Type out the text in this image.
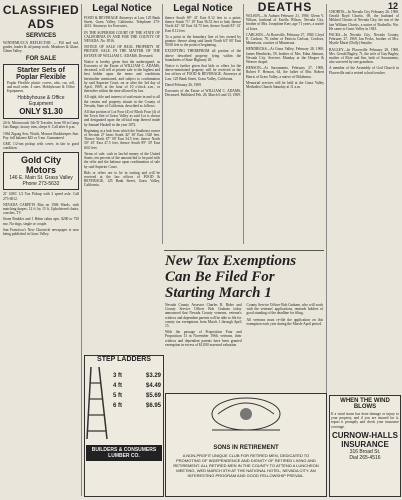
12
CLASSIFIED ADS
SERVICES
WINNEMUCCA REFLECTOR — Fill and sod, grader, loader & oil pump work. Meadows & Glaze, Glenn Valley.
FOR SALE
Starter Sets of Poplar Flexible
Poplar Flexible plastic covers, tabs, cut, roll, and mail order. 4 sizes. Hobbyhouse & Office Equipment.
Hobbyhouse & Office Equipment
ONLY $1.30
24-ft. Motorcoach 5th-TI Traveler, from 90 in Camp Gas Range, luxury trim, sleeps 6. Call after 6 p.m.
1964 Zigzag Sew, Watch, Monroe Bookkeeper. Sun. Pay. full balance $25 or 5 mo. Guaranteed.
GMC 1/2-ton pickup with cover, in fair to good condition.
Gold City Motors
146 E. Main St. Grass Valley Phone 273-5632
21' GMC 1/2 Ton Pickup with 2 speed axle. Call 273-6012.
NEVADA CARPETS Rita on 1906 Wards, with matching drapes, 12 ft. by 15 ft. Upholstered chairs, couches, TV.
Stone Boulder and 1 Bdrm cabin apts. $200 to 750 mo. No dogs, single or couple.
San Francisco's New Chronicle newspaper is now being published in Grass Valley.
Legal Notice
FOOD & BEVERAGE Attorneys at Law. 125 Bank Street, Grass Valley, California. Telephone 273-4413. Attorneys for Executrix.
IN THE SUPERIOR COURT OF THE STATE OF CALIFORNIA IN AND FOR THE COUNTY OF NEVADA. No. 8516.
NOTICE OF SALE OF REAL PROPERTY AT PRIVATE SALE. IN THE MATTER OF THE ESTATE OF WILLIAM C. ADAMS, Deceased.
Notice is hereby given that the undersigned, as Executrix of the Estate of WILLIAM C. ADAMS, deceased, will sell at private sale to the highest and best bidder upon the terms and conditions hereinafter mentioned, and subject to confirmation by said Superior Court, on or after the 3rd day of April, 1969, at the hour of 10 o'clock a.m., or thereafter within the time allowed by law.
All right, title and interest of said estate in and to all the certain real property situate in the County of Nevada, State of California, described as follows:
All that portion of Lot Four (4) of Block Four (4) of the Town Site of Grass Valley as said Lot is shown and designated upon the official map thereof made by Samuel Haskell in the year 1872.
Beginning at a hub from which the Southeast corner of Section 27 bears South 42° 30' East 1320 feet. Thence North 67° 00' East 54.5 feet; thence North 50° 45' East 47.5 feet; thence South 89° 30' East 60.0 feet.
Terms of sale: cash in lawful money of the United States, ten percent of the amount bid to be paid with the offer and the balance upon confirmation of sale by said Superior Court.
Bids or offers are to be in writing and will be received at the law offices of FOOD & BEVERAGE, 125 Bank Street, Grass Valley, California.
Legal Notice
thence South 69° 41' East 8.12 feet to a point; thence South 71° 10' East 56.52 feet to hub; thence North 42° 36' East 54.73 feet; thence South 83° 41' East 8.12 feet.
To a point in the boundary line of lots owned by grantor; thence along said lands North 63° 00' East 50.00 feet to the point of beginning.
EXCEPTING THEREFROM all portion of the above described property lying within the boundaries of State Highway 20.
Notice is further given that bids or offers for the above-mentioned property will be received at the law offices of FOOD & BEVERAGE, Attorneys at Law, 125 Bank Street, Grass Valley, California.
Dated February 26, 1969.
Executrix of the Estate of WILLIAM C. ADAMS, Deceased. Published Feb. 26, March 6 and 13, 1969.
DEATHS
WILSON—At Auburn February 21, 1969, Glenn V. Wilson, husband of Estella Wilson, Nevada City, brother of Mrs. Josephine Kerr, age 71 years, a native of Iowa.
CARLSON—At Roseville, February 27, 1969, Lloyd E. Carlson, 78, father of Patricia Carlson, Cordova, Minnesota, a native of Minnesota.
HENDRICKS—At Grass Valley, February 28, 1969, James Hendricks, 59, brother of Mrs. Edna Johnson, Nevada City. Services Monday at the Hooper & Weaver chapel.
HENSON—At Sacramento, February 27, 1969, Robert F. Henson, 64, the father of Mrs. Robert Harris of Grass Valley, a native of Oklahoma.
Memorial services will be held at the Grass Valley Methodist Church Saturday at 11 a.m.
New Tax Exemptions Can Be Filed For Starting March 1
Nevada County Assessor Charles R. Rider and County Service Officer Bob Graham today announced that Nevada County veterans, veteran's widows and dependent parents will be able to file for county tax exemptions from March 1 through April 15.
With the passage of Proposition Four and Proposition 13 in November 1966, veterans, their widows and dependent parents have been granted exemption in excess of $1,000 assessed valuation.
County Service Officer Bob Graham, who will work with the veterans' applications, reminds holders of good standing of the deadline for filing.
All veterans must re-file the application on this exemption each year during the March-April period.
STEP LADDERS
3 ft	$3.29
4 ft	$4.49
5 ft	$5.69
6 ft	$6.95
BUILDERS & CONSUMERS LUMBER CO.
SONS IN RETIREMENT
A NON-PROFIT UNIQUE CLUB FOR RETIRED MEN, DEDICATED TO PROMOTING OF INDEPENDENCE AND DIGNITY OF RETIRED LIVING AND RETIREMENT. ALL RETIRED MEN IN THE COUNTY TO ATTEND A LUNCHEON MEETING, WED MARCH 5TH AT THE NATIONAL HOTEL, NEVADA CITY. AN INTERESTING PROGRAM AND GOOD FELLOWSHIP PREVAIL.
CHORTIS—In Nevada City February 26, 1969, Gerald Boyd Chortis, 69, the husband of Mildred Chortis of Nevada City; the son of the late William Chortis, a native of Ruthville, Wn. He came to Grass Valley in 1943.
PACKS—In Nevada City, Nevada County, February 27, 1969, Ian Pecks, brother of Mrs. Myrtle Marie (Dolly) Smythe.
BAGLEY—In Placerville February 28, 1969, Mrs. Gerald Bagley, 71, the wife of Guy Bagley, mother of Elsie and Jim, both of Sacramento, also survived by one grandson.
A member of the Assembly of God Church in Placerville and a retired school teacher.
WHEN THE WIND BLOWS
If a wind storm has done damage or injury to your property, and if you are insured for it, report it promptly and check your insurance coverage.
CURNOW-HALLS INSURANCE
316 Broad St.
Dial 265-4516
